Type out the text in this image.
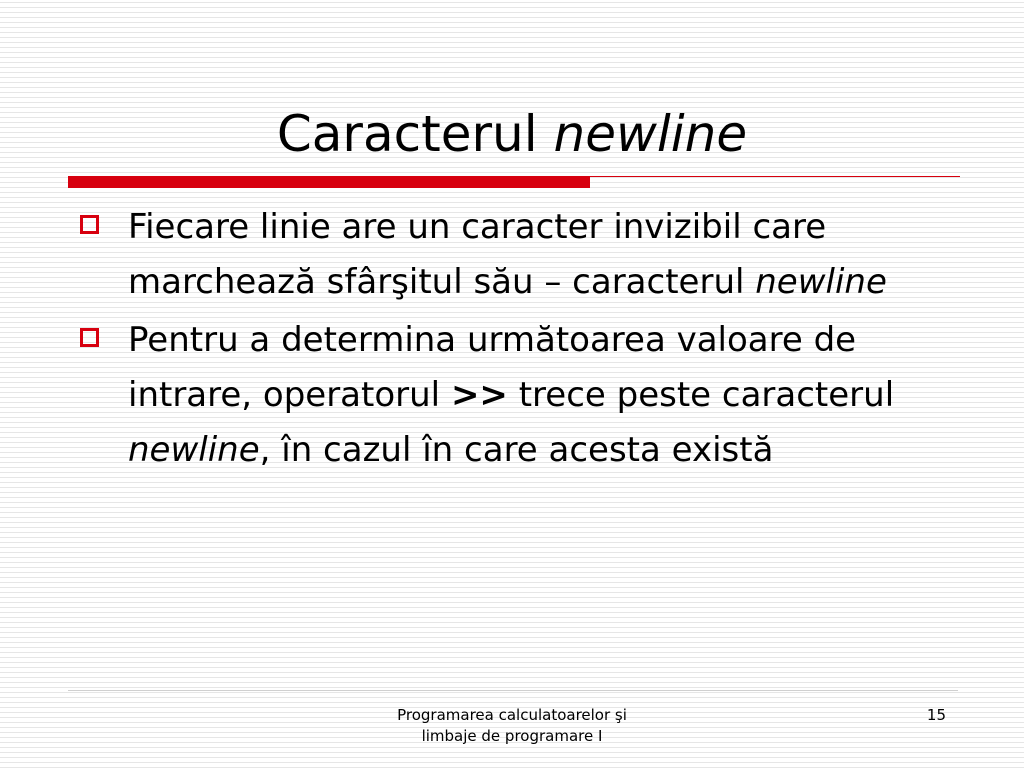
Caracterul newline
Fiecare linie are un caracter invizibil care marchează sfârşitul său – caracterul newline
Pentru a determina următoarea valoare de intrare, operatorul >> trece peste caracterul newline, în cazul în care acesta există
Programarea calculatoarelor şi
limbaje de programare I
15
